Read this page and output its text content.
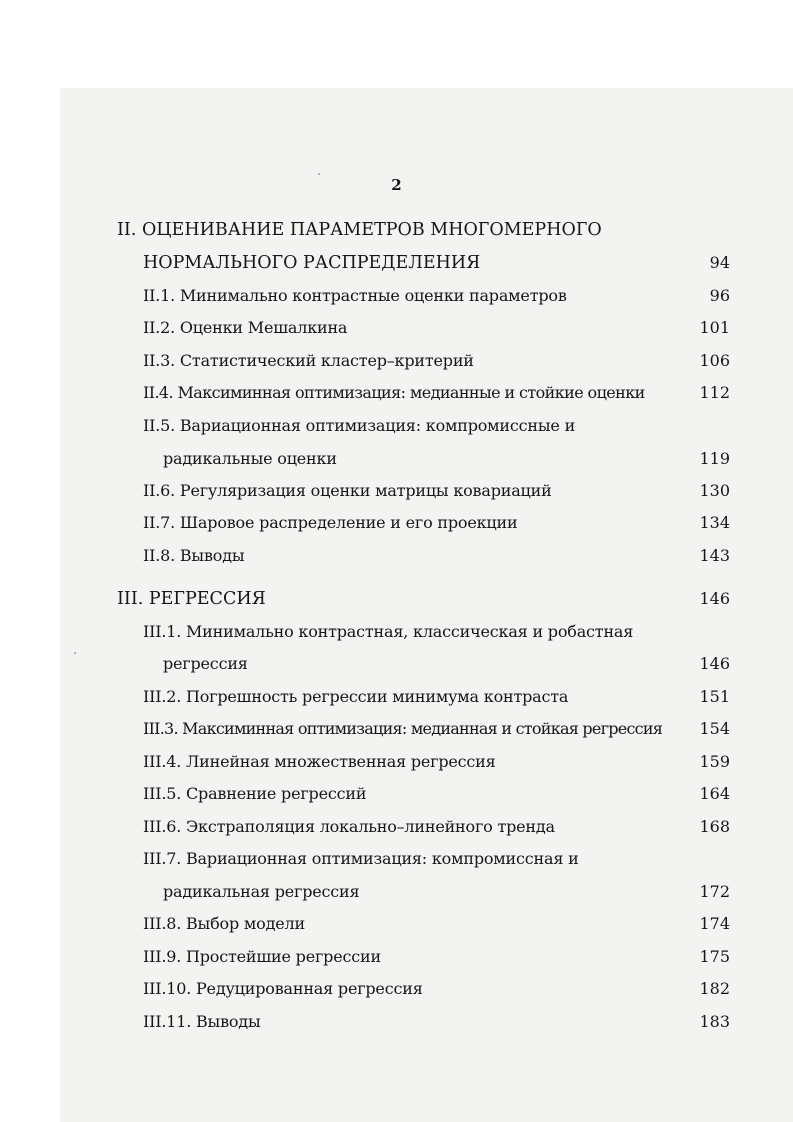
2
II. ОЦЕНИВАНИЕ ПАРАМЕТРОВ МНОГОМЕРНОГО
НОРМАЛЬНОГО РАСПРЕДЕЛЕНИЯ	94
II.1. Минимально контрастные оценки параметров	96
II.2. Оценки Мешалкина	101
II.3. Статистический кластер–критерий	106
II.4. Максиминная оптимизация: медианные и стойкие оценки	112
II.5. Вариационная оптимизация: компромиссные и
радикальные оценки	119
II.6. Регуляризация оценки матрицы ковариаций	130
II.7. Шаровое распределение и его проекции	134
II.8. Выводы	143
III. РЕГРЕССИЯ	146
III.1. Минимально контрастная, классическая и робастная
регрессия	146
III.2. Погрешность регрессии минимума контраста	151
III.3. Максиминная оптимизация: медианная и стойкая регрессия 154
III.4. Линейная множественная регрессия	159
III.5. Сравнение регрессий	164
III.6. Экстраполяция локально–линейного тренда	168
III.7. Вариационная оптимизация: компромиссная и
радикальная регрессия	172
III.8. Выбор модели	174
III.9. Простейшие регрессии	175
III.10. Редуцированная регрессия	182
III.11. Выводы	183
